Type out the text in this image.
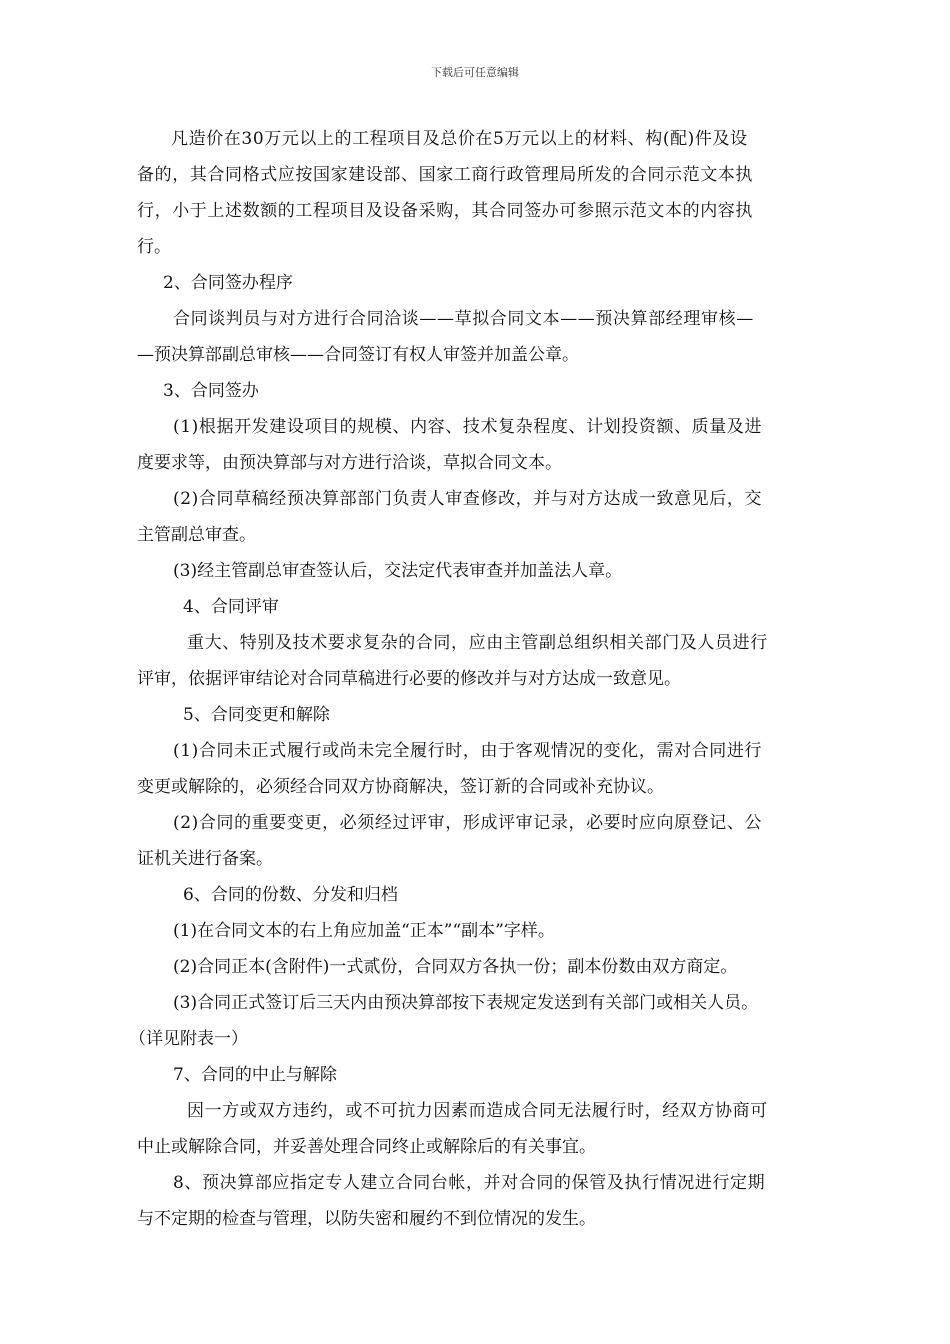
下载后可任意编辑
凡造价在30万元以上的工程项目及总价在5万元以上的材料、构(配)件及设
备的，其合同格式应按国家建设部、国家工商行政管理局所发的合同示范文本执
行，小于上述数额的工程项目及设备采购，其合同签办可参照示范文本的内容执
行。
2、合同签办程序
合同谈判员与对方进行合同洽谈——草拟合同文本——预决算部经理审核—
—预决算部副总审核——合同签订有权人审签并加盖公章。
3、合同签办
(1)根据开发建设项目的规模、内容、技术复杂程度、计划投资额、质量及进
度要求等，由预决算部与对方进行洽谈，草拟合同文本。
(2)合同草稿经预决算部部门负责人审查修改，并与对方达成一致意见后，交
主管副总审查。
(3)经主管副总审查签认后，交法定代表审查并加盖法人章。
4、合同评审
重大、特别及技术要求复杂的合同，应由主管副总组织相关部门及人员进行
评审，依据评审结论对合同草稿进行必要的修改并与对方达成一致意见。
5、合同变更和解除
(1)合同未正式履行或尚未完全履行时，由于客观情况的变化，需对合同进行
变更或解除的，必须经合同双方协商解决，签订新的合同或补充协议。
(2)合同的重要变更，必须经过评审，形成评审记录，必要时应向原登记、公
证机关进行备案。
6、合同的份数、分发和归档
(1)在合同文本的右上角应加盖“正本”“副本”字样。
(2)合同正本(含附件)一式贰份，合同双方各执一份；副本份数由双方商定。
(3)合同正式签订后三天内由预决算部按下表规定发送到有关部门或相关人员。
（详见附表一）
7、合同的中止与解除
因一方或双方违约，或不可抗力因素而造成合同无法履行时，经双方协商可
中止或解除合同，并妥善处理合同终止或解除后的有关事宜。
8、预决算部应指定专人建立合同台帐，并对合同的保管及执行情况进行定期
与不定期的检查与管理，以防失密和履约不到位情况的发生。
